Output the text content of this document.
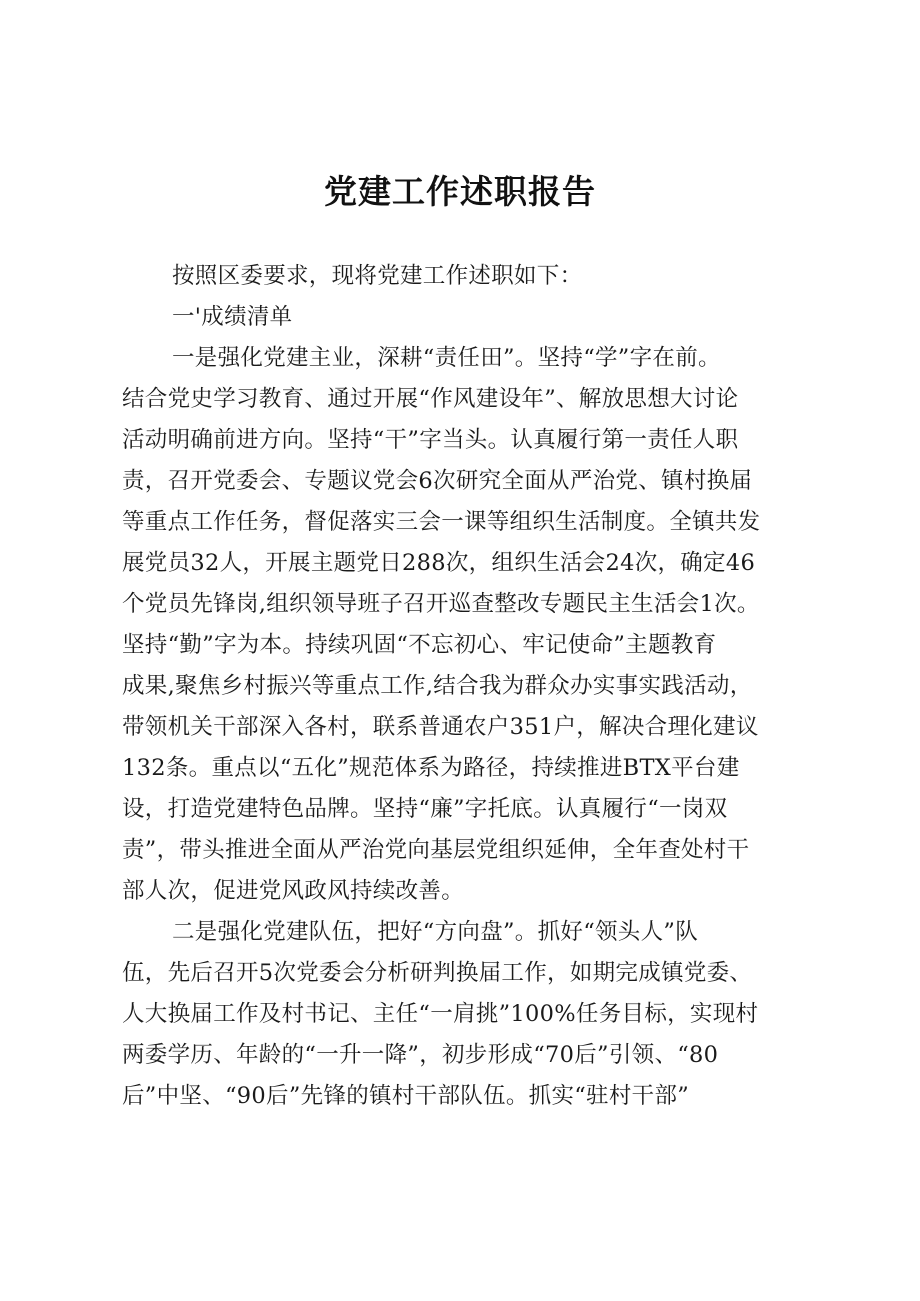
党建工作述职报告
按照区委要求，现将党建工作述职如下：
一'成绩清单
一是强化党建主业，深耕“责任田”。坚持“学”字在前。
结合党史学习教育、通过开展“作风建设年”、解放思想大讨论
活动明确前进方向。坚持“干”字当头。认真履行第一责任人职
责，召开党委会、专题议党会6次研究全面从严治党、镇村换届
等重点工作任务，督促落实三会一课等组织生活制度。全镇共发
展党员32人，开展主题党日288次，组织生活会24次，确定46
个党员先锋岗,组织领导班子召开巡查整改专题民主生活会1次。
坚持“勤”字为本。持续巩固“不忘初心、牢记使命”主题教育
成果,聚焦乡村振兴等重点工作,结合我为群众办实事实践活动，
带领机关干部深入各村，联系普通农户351户，解决合理化建议
132条。重点以“五化”规范体系为路径，持续推进BTX平台建
设，打造党建特色品牌。坚持“廉”字托底。认真履行“一岗双
责”，带头推进全面从严治党向基层党组织延伸，全年查处村干
部人次，促进党风政风持续改善。
二是强化党建队伍，把好“方向盘”。抓好“领头人”队
伍，先后召开5次党委会分析研判换届工作，如期完成镇党委、
人大换届工作及村书记、主任“一肩挑”100%任务目标，实现村
两委学历、年龄的“一升一降”，初步形成“70后”引领、“80
后”中坚、“90后”先锋的镇村干部队伍。抓实“驻村干部”
